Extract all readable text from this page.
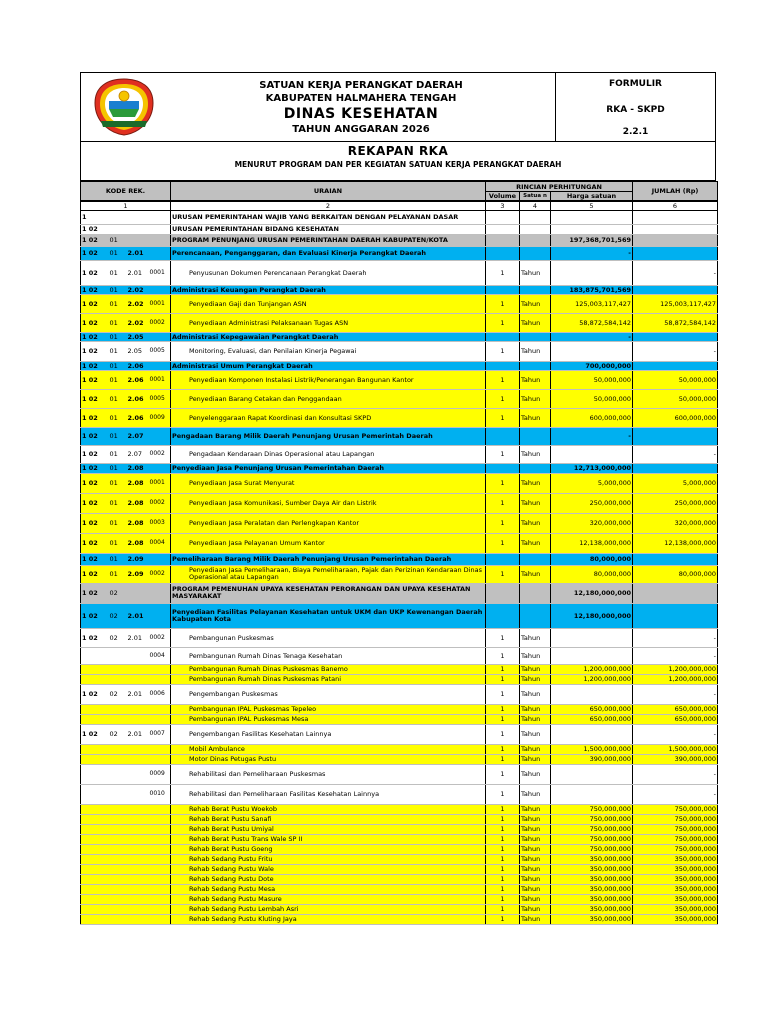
SATUAN KERJA PERANGKAT DAERAH
KABUPATEN HALMAHERA TENGAH
DINAS KESEHATAN
TAHUN ANGGARAN 2026
FORMULIR
RKA - SKPD
2.2.1
REKAPAN RKA
MENURUT PROGRAM DAN PER KEGIATAN SATUAN KERJA PERANGKAT DAERAH
KODE REK.	URAIAN	RINCIAN PERHITUNGAN			JUMLAH (Rp)
		Volume	Satua n	Harga satuan	
1	2	3	4	5	6
1				URUSAN PEMERINTAHAN WAJIB YANG BERKAITAN DENGAN PELAYANAN DASAR				
1 02				URUSAN PEMERINTAHAN BIDANG KESEHATAN				
1 02	01			PROGRAM PENUNJANG URUSAN PEMERINTAHAN DAERAH KABUPATEN/KOTA			197,368,701,569	
1 02	01	2.01		Perencanaan, Penganggaran, dan Evaluasi Kinerja Perangkat Daerah			-	
1 02	01	2.01	0001	Penyusunan Dokumen Perencanaan Perangkat Daerah	1	Tahun		-
1 02	01	2.02		Administrasi Keuangan Perangkat Daerah			183,875,701,569	
1 02	01	2.02	0001	Penyediaan Gaji dan Tunjangan ASN	1	Tahun	125,003,117,427	125,003,117,427
1 02	01	2.02	0002	Penyediaan Administrasi Pelaksanaan Tugas ASN	1	Tahun	58,872,584,142	58,872,584,142
1 02	01	2.05		Administrasi Kepegawaian Perangkat Daerah			-	
1 02	01	2.05	0005	Monitoring, Evaluasi, dan Penilaian Kinerja Pegawai	1	Tahun		-
1 02	01	2.06		Administrasi Umum Perangkat Daerah			700,000,000	
1 02	01	2.06	0001	Penyediaan Komponen Instalasi Listrik/Penerangan Bangunan Kantor	1	Tahun	50,000,000	50,000,000
1 02	01	2.06	0005	Penyediaan Barang Cetakan dan Penggandaan	1	Tahun	50,000,000	50,000,000
1 02	01	2.06	0009	Penyelenggaraan Rapat Koordinasi dan Konsultasi SKPD	1	Tahun	600,000,000	600,000,000
1 02	01	2.07		Pengadaan Barang Milik Daerah Penunjang Urusan Pemerintah Daerah			-	
1 02	01	2.07	0002	Pengadaan Kendaraan Dinas Operasional atau Lapangan	1	Tahun		-
1 02	01	2.08		Penyediaan Jasa Penunjang Urusan Pemerintahan Daerah			12,713,000,000	
1 02	01	2.08	0001	Penyediaan Jasa Surat Menyurat	1	Tahun	5,000,000	5,000,000
1 02	01	2.08	0002	Penyediaan Jasa Komunikasi, Sumber Daya Air dan Listrik	1	Tahun	250,000,000	250,000,000
1 02	01	2.08	0003	Penyediaan Jasa Peralatan dan Perlengkapan Kantor	1	Tahun	320,000,000	320,000,000
1 02	01	2.08	0004	Penyediaan Jasa Pelayanan Umum Kantor	1	Tahun	12,138,000,000	12,138,000,000
1 02	01	2.09		Pemeliharaan Barang Milik Daerah Penunjang Urusan Pemerintahan Daerah			80,000,000	
1 02	01	2.09	0002	Penyediaan Jasa Pemeliharaan, Biaya Pemeliharaan, Pajak dan Perizinan Kendaraan Dinas Operasional atau Lapangan	1	Tahun	80,000,000	80,000,000
1 02	02			PROGRAM PEMENUHAN UPAYA KESEHATAN PERORANGAN DAN UPAYA KESEHATAN MASYARAKAT			12,180,000,000	
1 02	02	2.01		Penyediaan Fasilitas Pelayanan Kesehatan untuk UKM dan UKP Kewenangan Daerah Kabupaten Kota			12,180,000,000	
1 02	02	2.01	0002	Pembangunan Puskesmas	1	Tahun		-
			0004	Pembangunan Rumah Dinas Tenaga Kesehatan	1	Tahun		-
				Pembangunan Rumah Dinas Puskesmas Banemo	1	Tahun	1,200,000,000	1,200,000,000
				Pembangunan Rumah Dinas Puskesmas Patani	1	Tahun	1,200,000,000	1,200,000,000
1 02	02	2.01	0006	Pengembangan Puskesmas	1	Tahun		-
				Pembangunan IPAL Puskesmas Tepeleo	1	Tahun	650,000,000	650,000,000
				Pembangunan IPAL Puskesmas Mesa	1	Tahun	650,000,000	650,000,000
1 02	02	2.01	0007	Pengembangan Fasilitas Kesehatan Lainnya	1	Tahun		-
				Mobil Ambulance	1	Tahun	1,500,000,000	1,500,000,000
				Motor Dinas Petugas Pustu	1	Tahun	390,000,000	390,000,000
			0009	Rehabilitasi dan Pemeliharaan Puskesmas	1	Tahun		-
			0010	Rehabilitasi dan Pemeliharaan Fasilitas Kesehatan Lainnya	1	Tahun		-
				Rehab Berat Pustu Woekob	1	Tahun	750,000,000	750,000,000
				Rehab Berat Pustu Sanafi	1	Tahun	750,000,000	750,000,000
				Rehab Berat Pustu Umiyal	1	Tahun	750,000,000	750,000,000
				Rehab Berat Pustu Trans Wale SP II	1	Tahun	750,000,000	750,000,000
				Rehab Berat Pustu Goeng	1	Tahun	750,000,000	750,000,000
				Rehab Sedang Pustu Fritu	1	Tahun	350,000,000	350,000,000
				Rehab Sedang Pustu Wale	1	Tahun	350,000,000	350,000,000
				Rehab Sedang Pustu Dote	1	Tahun	350,000,000	350,000,000
				Rehab Sedang Pustu Mesa	1	Tahun	350,000,000	350,000,000
				Rehab Sedang Pustu Masure	1	Tahun	350,000,000	350,000,000
				Rehab Sedang Pustu Lembah Asri	1	Tahun	350,000,000	350,000,000
				Rehab Sedang Pustu Kluting Jaya	1	Tahun	350,000,000	350,000,000
